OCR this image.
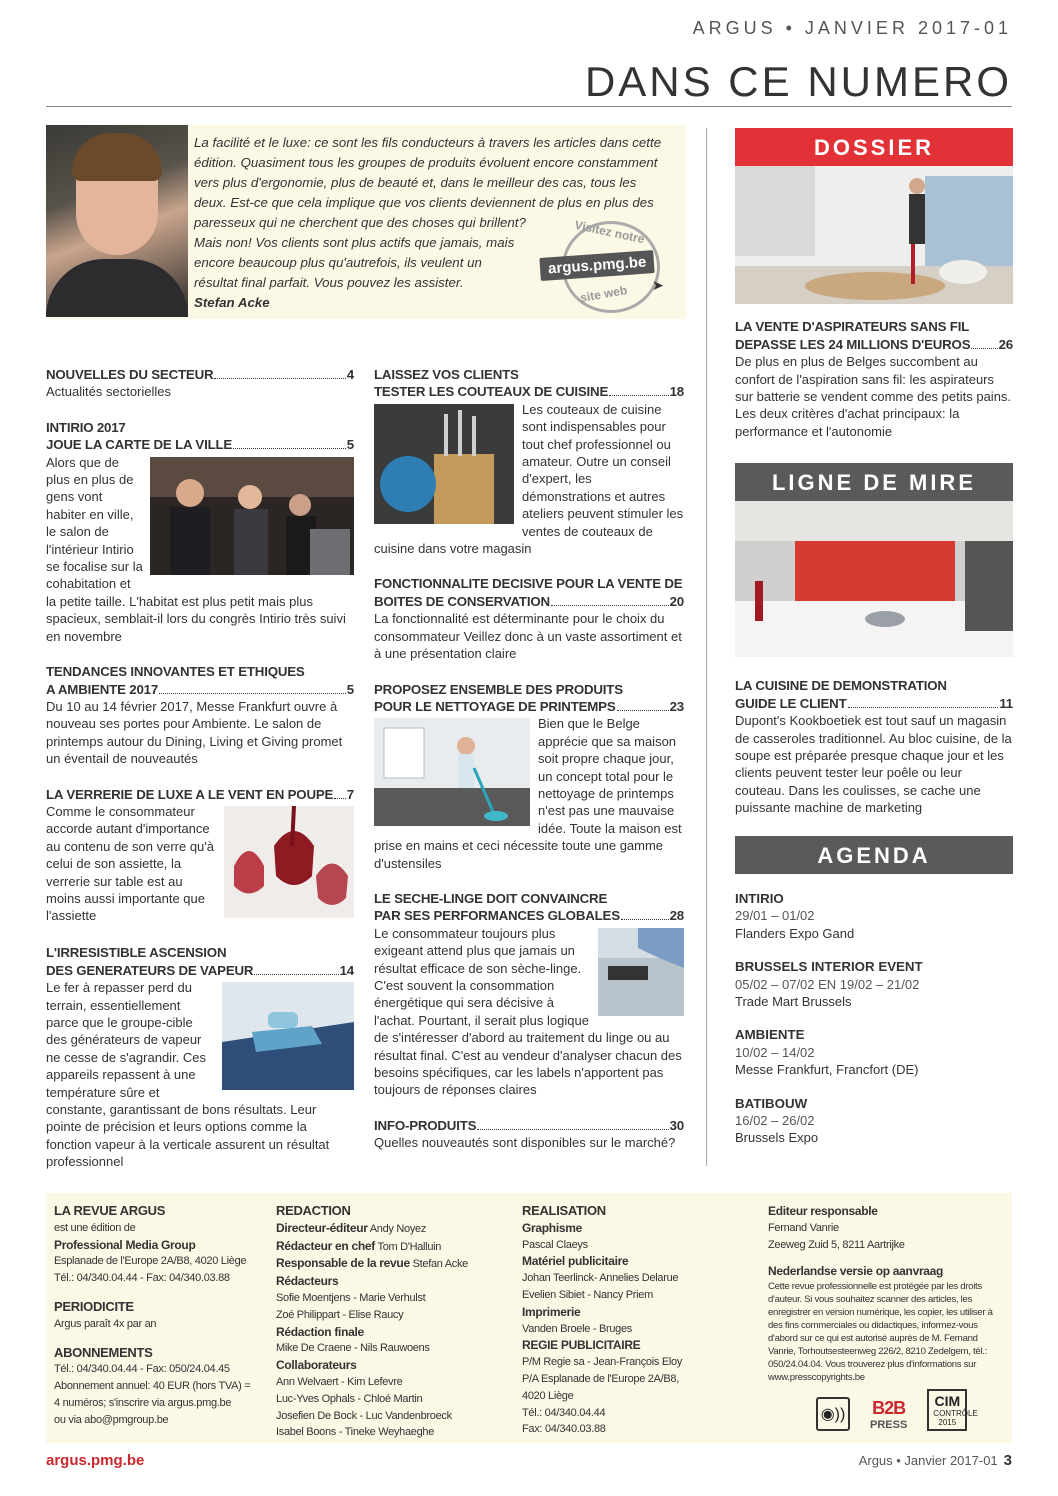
ARGUS • JANVIER 2017-01
DANS CE NUMERO
La facilité et le luxe: ce sont les fils conducteurs à travers les articles dans cette édition. Quasiment tous les groupes de produits évoluent encore constamment vers plus d'ergonomie, plus de beauté et, dans le meilleur des cas, tous les deux. Est-ce que cela implique que vos clients deviennent de plus en plus des paresseux qui ne cherchent que des choses qui brillent?
Mais non! Vos clients sont plus actifs que jamais, mais encore beaucoup plus qu'autrefois, ils veulent un résultat final parfait. Vous pouvez les assister.
Stefan Acke
Visitez notre
argus.pmg.be
site web ➤
NOUVELLES DU SECTEUR	4
Actualités sectorielles
INTIRIO 2017
JOUE LA CARTE DE LA VILLE	5
Alors que de plus en plus de gens vont habiter en ville, le salon de l'intérieur Intirio se focalise sur la cohabitation et la petite taille. L'habitat est plus petit mais plus spacieux, semblait-il lors du congrès Intirio très suivi en novembre
TENDANCES INNOVANTES ET ETHIQUES
A AMBIENTE 2017	5
Du 10 au 14 février 2017, Messe Frankfurt ouvre à nouveau ses portes pour Ambiente. Le salon de printemps autour du Dining, Living et Giving promet un éventail de nouveautés
LA VERRERIE DE LUXE A LE VENT EN POUPE 7
Comme le consommateur accorde autant d'importance au contenu de son verre qu'à celui de son assiette, la verrerie sur table est au moins aussi importante que l'assiette
L'IRRESISTIBLE ASCENSION
DES GENERATEURS DE VAPEUR	14
Le fer à repasser perd du terrain, essentiellement parce que le groupe-cible des générateurs de vapeur ne cesse de s'agrandir. Ces appareils repassent à une température sûre et constante, garantissant de bons résultats. Leur pointe de précision et leurs options comme la fonction vapeur à la verticale assurent un résultat professionnel
LAISSEZ VOS CLIENTS
TESTER LES COUTEAUX DE CUISINE	18
Les couteaux de cuisine sont indispensables pour tout chef professionnel ou amateur. Outre un conseil d'expert, les démonstrations et autres ateliers peuvent stimuler les ventes de couteaux de cuisine dans votre magasin
FONCTIONNALITE DECISIVE POUR LA VENTE DE
BOITES DE CONSERVATION	20
La fonctionnalité est déterminante pour le choix du consommateur Veillez donc à un vaste assortiment et à une présentation claire
PROPOSEZ ENSEMBLE DES PRODUITS
POUR LE NETTOYAGE DE PRINTEMPS	23
Bien que le Belge apprécie que sa maison soit propre chaque jour, un concept total pour le nettoyage de printemps n'est pas une mauvaise idée. Toute la maison est prise en mains et ceci nécessite toute une gamme d'ustensiles
LE SECHE-LINGE DOIT CONVAINCRE
PAR SES PERFORMANCES GLOBALES	28
Le consommateur toujours plus exigeant attend plus que jamais un résultat efficace de son sèche-linge. C'est souvent la consommation énergétique qui sera décisive à l'achat. Pourtant, il serait plus logique de s'intéresser d'abord au traitement du linge ou au résultat final. C'est au vendeur d'analyser chacun des besoins spécifiques, car les labels n'apportent pas toujours de réponses claires
INFO-PRODUITS	30
Quelles nouveautés sont disponibles sur le marché?
DOSSIER
LA VENTE D'ASPIRATEURS SANS FIL
DEPASSE LES 24 MILLIONS D'EUROS 26
De plus en plus de Belges succombent au confort de l'aspiration sans fil: les aspirateurs sur batterie se vendent comme des petits pains. Les deux critères d'achat principaux: la performance et l'autonomie
LIGNE DE MIRE
LA CUISINE DE DEMONSTRATION
GUIDE LE CLIENT	11
Dupont's Kookboetiek est tout sauf un magasin de casseroles traditionnel. Au bloc cuisine, de la soupe est préparée presque chaque jour et les clients peuvent tester leur poêle ou leur couteau. Dans les coulisses, se cache une puissante machine de marketing
AGENDA
INTIRIO
29/01 – 01/02
Flanders Expo Gand
BRUSSELS INTERIOR EVENT
05/02 – 07/02 EN 19/02 – 21/02
Trade Mart Brussels
AMBIENTE
10/02 – 14/02
Messe Frankfurt, Francfort (DE)
BATIBOUW
16/02 – 26/02
Brussels Expo
LA REVUE ARGUS
est une édition de
Professional Media Group
Esplanade de l'Europe 2A/B8, 4020 Liège
Tél.: 04/340.04.44 - Fax: 04/340.03.88
PERIODICITE
Argus paraît 4x par an
ABONNEMENTS
Tél.: 04/340.04.44 - Fax: 050/24.04.45
Abonnement annuel: 40 EUR (hors TVA) =
4 numéros; s'inscrire via argus.pmg.be
ou via abo@pmgroup.be
REDACTION
Directeur-éditeur Andy Noyez
Rédacteur en chef Tom D'Halluin
Responsable de la revue Stefan Acke
Rédacteurs
Sofie Moentjens - Marie Verhulst
Zoé Philippart - Elise Raucy
Rédaction finale
Mike De Craene - Nils Rauwoens
Collaborateurs
Ann Welvaert - Kim Lefevre
Luc-Yves Ophals - Chloé Martin
Josefien De Bock - Luc Vandenbroeck
Isabel Boons - Tineke Weyhaeghe
REALISATION
Graphisme
Pascal Claeys
Matériel publicitaire
Johan Teerlinck- Annelies Delarue
Evelien Sibiet - Nancy Priem
Imprimerie
Vanden Broele - Bruges
REGIE PUBLICITAIRE
P/M Regie sa - Jean-François Eloy
P/A Esplanade de l'Europe 2A/B8,
4020 Liège
Tél.: 04/340.04.44
Fax: 04/340.03.88
Editeur responsable
Fernand Vanrie
Zeeweg Zuid 5, 8211 Aartrijke
Nederlandse versie op aanvraag
Cette revue professionnelle est protégée par les droits d'auteur. Si vous souhaitez scanner des articles, les enregistrer en version numérique, les copier, les utiliser à des fins commerciales ou didactiques, informez-vous d'abord sur ce qui est autorisé auprès de M. Fernand Vanrie, Torhoutsesteenweg 226/2, 8210 Zedelgem, tél.: 050/24.04.04. Vous trouverez plus d'informations sur www.presscopyrights.be
◉)) B2B
PRESS
CIM
CONTRÔLE 2015
argus.pmg.be	Argus • Janvier 2017-01 3
